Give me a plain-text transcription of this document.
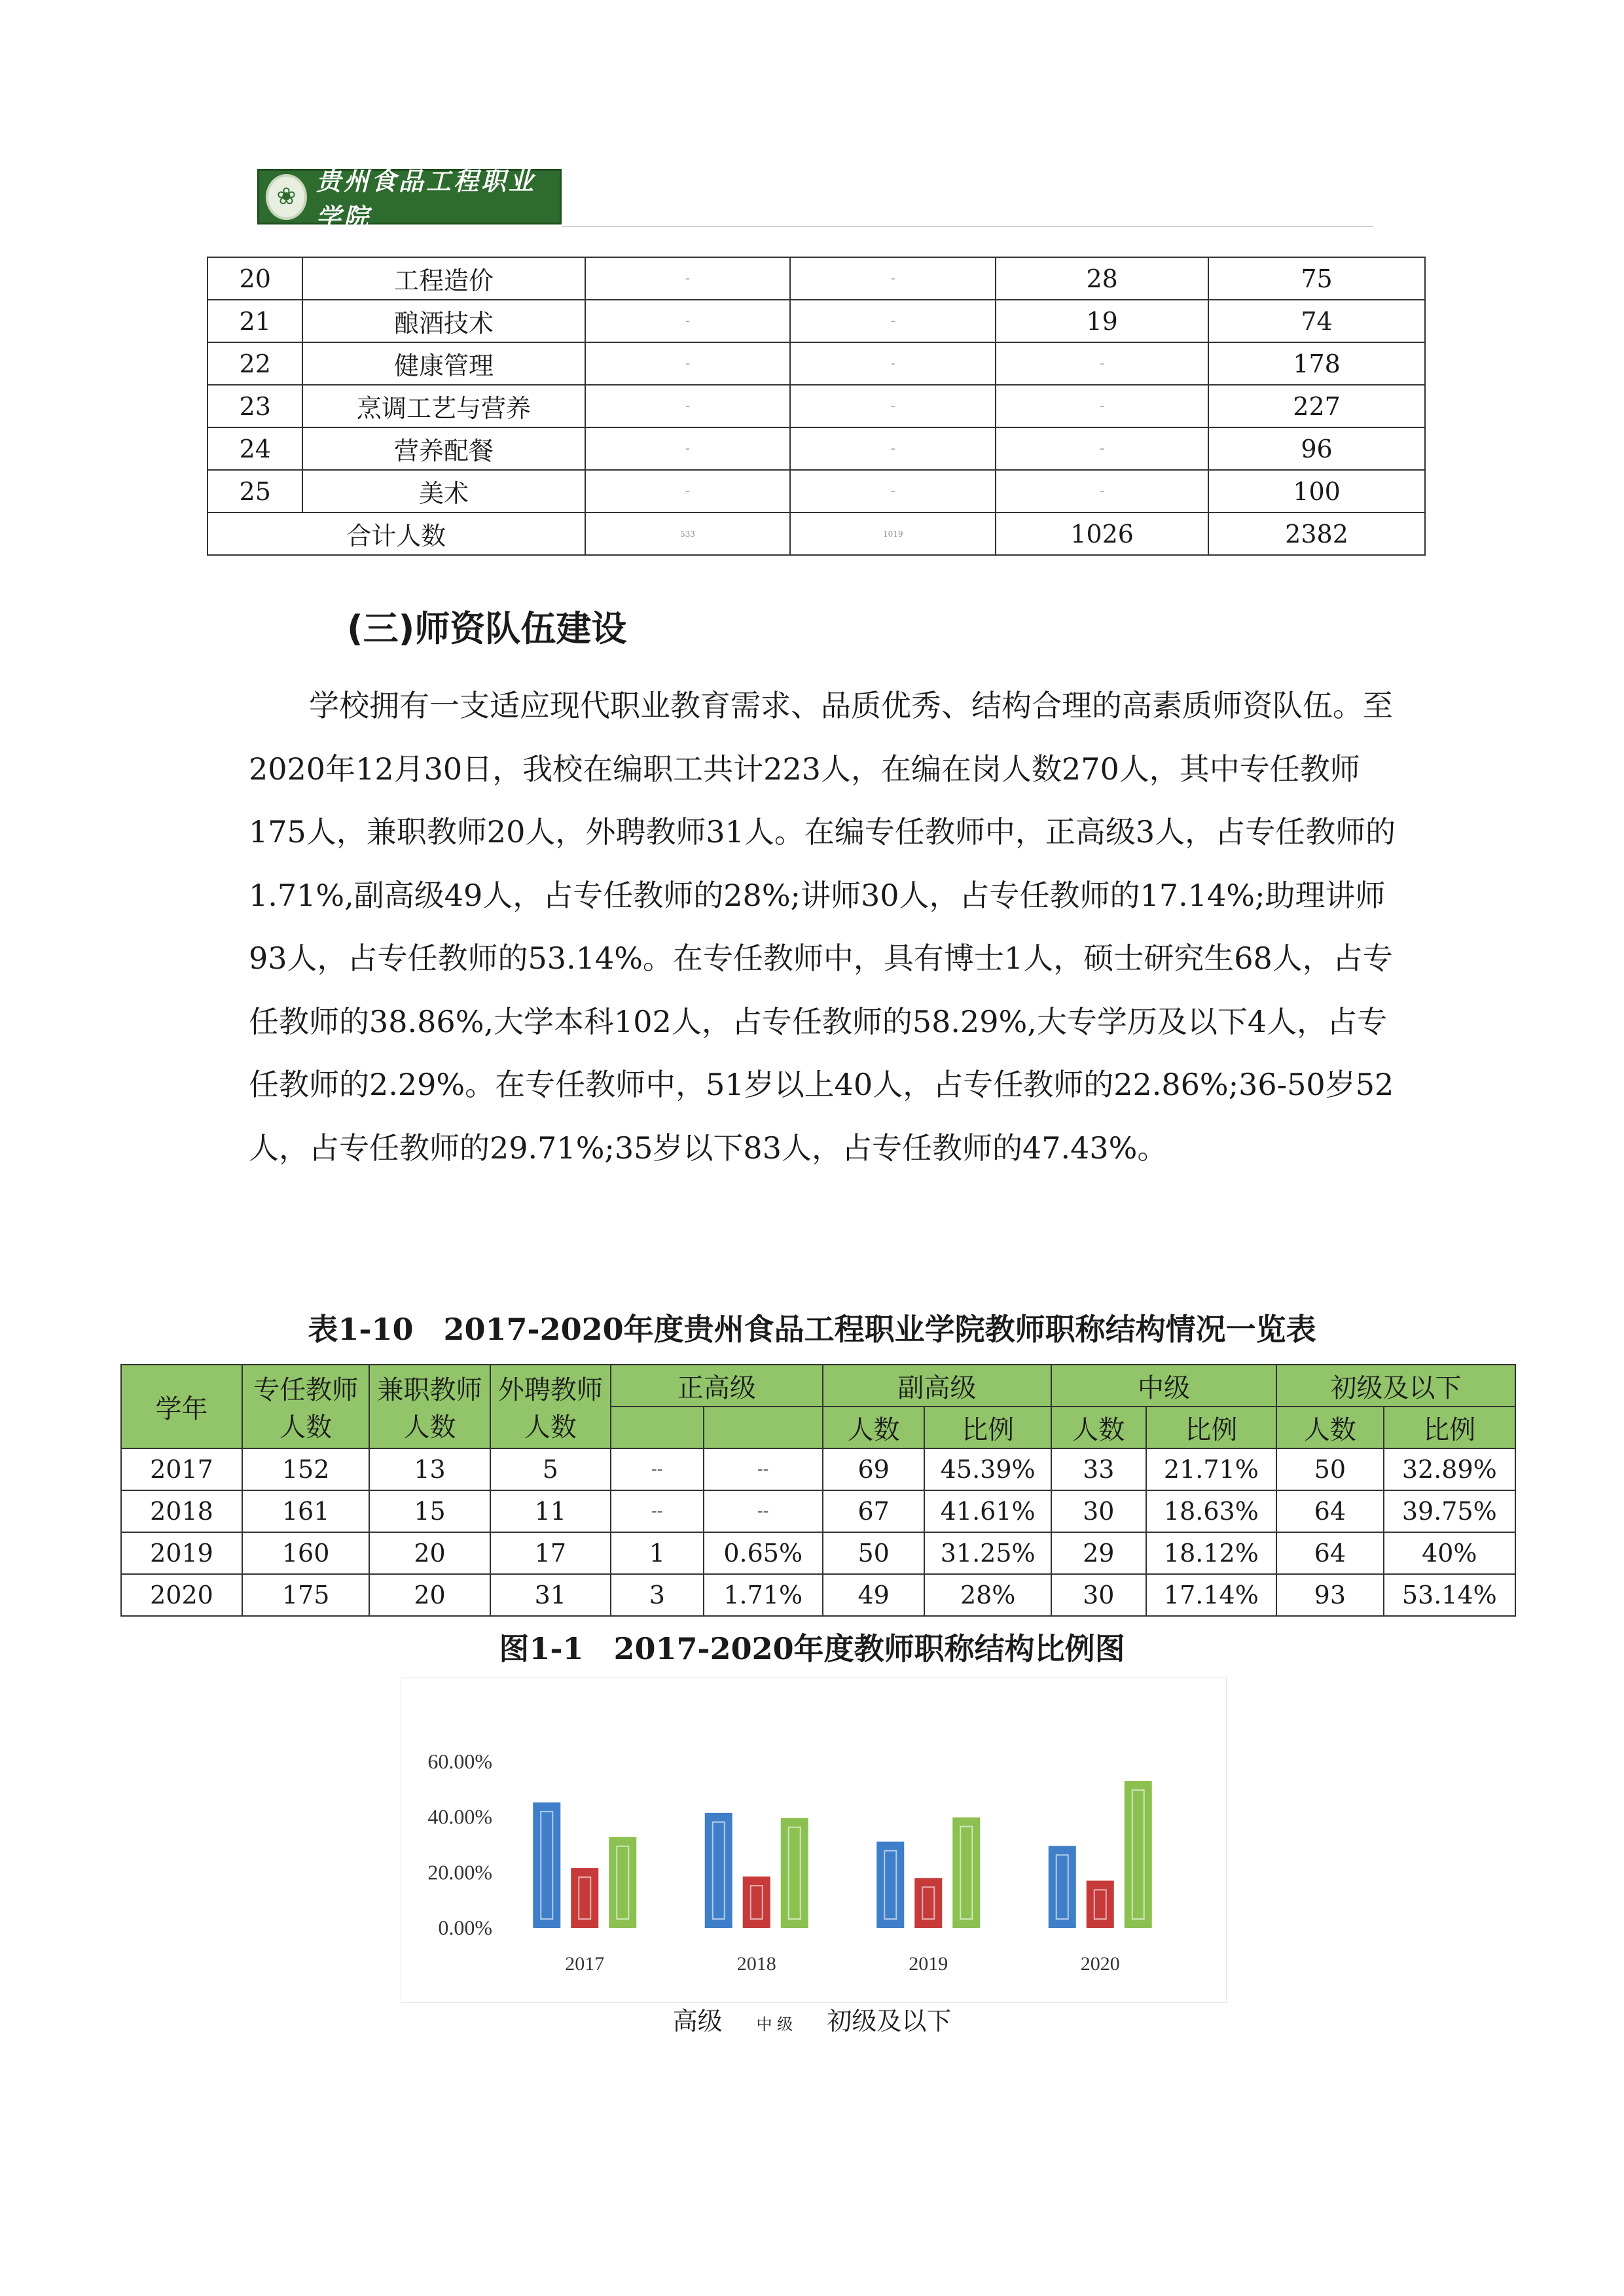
❀
贵州食品工程职业学院
20	工程造价	-	-	28	75
21	酿酒技术	-	-	19	74
22	健康管理	-	-	-	178
23	烹调工艺与营养	-	-	-	227
24	营养配餐	-	-	-	96
25	美术	-	-	-	100
合计人数		533	1019	1026	2382
(三)师资队伍建设

学校拥有一支适应现代职业教育需求、品质优秀、结构合理的高素质师资队伍。至2020年12月30日，我校在编职工共计223人，在编在岗人数270人，其中专任教师175人，兼职教师20人，外聘教师31人。在编专任教师中，正高级3人，占专任教师的1.71%,副高级49人，占专任教师的28%;讲师30人，占专任教师的17.14%;助理讲师93人，占专任教师的53.14%。在专任教师中，具有博士1人，硕士研究生68人，占专任教师的38.86%,大学本科102人，占专任教师的58.29%,大专学历及以下4人，占专任教师的2.29%。在专任教师中，51岁以上40人，占专任教师的22.86%;36-50岁52人，占专任教师的29.71%;35岁以下83人，占专任教师的47.43%。

表1-10　2017-2020年度贵州食品工程职业学院教师职称结构情况一览表
学年	专任教师人数	兼职教师人数	外聘教师人数	正高级		副高级		中级		初级及以下	
						人数	比例	人数	比例	人数	比例
2017	152	13	5	--	--	69	45.39%	33	21.71%	50	32.89%
2018	161	15	11	--	--	67	41.61%	30	18.63%	64	39.75%
2019	160	20	17	1	0.65%	50	31.25%	29	18.12%	64	40%
2020	175	20	31	3	1.71%	49	28%	30	17.14%	93	53.14%
图1-1　2017-2020年度教师职称结构比例图
0.00%
20.00%
40.00%
60.00%
2017	2018	2019	2020
高级 中 级 初级及以下
